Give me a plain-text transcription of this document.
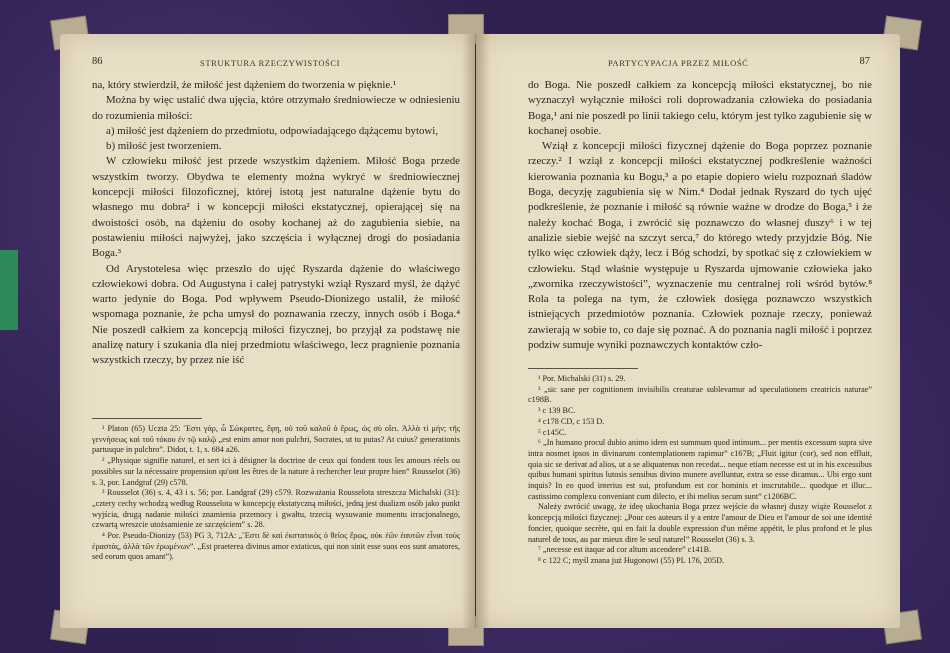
86	STRUKTURA RZECZYWISTOŚCI

na, który stwierdził, że miłość jest dążeniem do tworzenia w pięknie.¹

Można by więc ustalić dwa ujęcia, które otrzymało średniowiecze w odniesieniu do rozumienia miłości:

a) miłość jest dążeniem do przedmiotu, odpowiadającego dążącemu bytowi,

b) miłość jest tworzeniem.

W człowieku miłość jest przede wszystkim dążeniem. Miłość Boga przede wszystkim tworzy. Obydwa te elementy można wykryć w średniowiecznej koncepcji miłości filozoficznej, której istotą jest naturalne dążenie bytu do własnego mu dobra² i w koncepcji miłości ekstatycznej, opierającej się na dwoistości osób, na dążeniu do osoby kochanej aż do zagubienia siebie, na postawieniu miłości najwyżej, jako szczęścia i wyłącznej drogi do posiadania Boga.³

Od Arystotelesa więc przeszło do ujęć Ryszarda dążenie do właściwego człowiekowi dobra. Od Augustyna i całej patrystyki wziął Ryszard myśl, że dążyć warto jedynie do Boga. Pod wpływem Pseudo-Dionizego ustalił, że miłość wspomaga poznanie, że pcha umysł do poznawania rzeczy, innych osób i Boga.⁴ Nie poszedł całkiem za koncepcją miłości fizycznej, bo przyjął za podstawę nie analizę natury i szukania dla niej przedmiotu właściwego, lecz pragnienie poznania wszystkich rzeczy, by przez nie iść

¹ Platon (65) Uczta 25: Ἔστι γάρ, ὦ Σώκρατες, ἔφη, οὐ τοῦ καλοῦ ὁ ἔρως, ὡς σὺ οἴει. Ἀλλὰ τί μήν; τῆς γεννήσεως καὶ τοῦ τόκου ἐν τῷ καλῷ „est enim amor non pulchri, Socrates, ut tu putas? At cuius? generationis partusque in pulchro”. Didot, t. 1, s. 684 a26.

² „Physique signifie naturel, et sert ici à désigner la doctrine de ceux qui fondent tous les amours réels ou possibles sur la nécessaire propension qu'ont les êtres de la nature à rechercher leur propre bien” Rousselot (36) s. 3, por. Landgraf (29) c578.

³ Rousselot (36) s. 4, 43 i s. 56; por. Landgraf (29) c579. Rozważania Rousselota streszcza Michalski (31): „cztery cechy wchodzą według Rousselota w koncepcję ekstatyczną miłości, jedną jest dualizm osób jako punkt wyjścia, drugą nadanie miłości znamienia przemocy i gwałtu, trzecią wysuwanie momentu irracjonalnego, czwartą wreszcie utożsamienie ze szczęściem” s. 28.

⁴ Por. Pseudo-Dionizy (53) PG 3, 712A: „Ἔστι δὲ καὶ ἐκστατικὸς ὁ θεῖος ἔρως, οὐκ ἐῶν ἑαυτῶν εἶναι τοὺς ἐραστάς, ἀλλὰ τῶν ἐρωμένων”. „Est praeterea divinus amor extaticus, qui non sinit esse suos eos sunt amatores, sed eorum quos amant”).

PARTYCYPACJA PRZEZ MIŁOŚĆ	87

do Boga. Nie poszedł całkiem za koncepcją miłości ekstatycznej, bo nie wyznaczył wyłącznie miłości roli doprowadzania człowieka do posiadania Boga,¹ ani nie poszedł po linii takiego celu, którym jest tylko zagubienie się w kochanej osobie.

Wziął z koncepcji miłości fizycznej dążenie do Boga poprzez poznanie rzeczy.² I wziął z koncepcji miłości ekstatycznej podkreślenie ważności kierowania poznania ku Bogu,³ a po etapie dopiero wielu rozpoznań śladów Boga, decyzję zagubienia się w Nim.⁴ Dodał jednak Ryszard do tych ujęć podkreślenie, że poznanie i miłość są równie ważne w drodze do Boga,⁵ i że należy kochać Boga, i zwrócić się poznawczo do własnej duszy⁶ i w tej analizie siebie wejść na szczyt serca,⁷ do którego wtedy przyjdzie Bóg. Nie tylko więc człowiek dąży, lecz i Bóg schodzi, by spotkać się z człowiekiem w człowieku. Stąd właśnie występuje u Ryszarda ujmowanie człowieka jako „zwornika rzeczywistości”, wyznaczenie mu centralnej roli wśród bytów.⁸ Rola ta polega na tym, że człowiek dosięga poznawczo wszystkich istniejących przedmiotów poznania. Człowiek poznaje rzeczy, ponieważ zawierają w sobie to, co daje się poznać. A do poznania nagli miłość i poprzez podziw sumuje wyniki poznawczych kontaktów czło-

¹ Por. Michalski (31) s. 29.

² „sic sane per cognitionem invisibilis creaturae sublevamur ad speculationem creatricis naturae” c198B.

³ c 139 BC.

⁴ c178 CD, c 153 D.

⁵ c145C.

⁶ „In humano procul dubio animo idem est summum quod intimum... per mentis excessum supra sive intra nosmet ipsos in divinarum contemplationem rapimur” c167B; „Fluit igitur (cor), sed non effluit, quia sic se derivat ad alios, ut a se aliquatenus non recedat... neque etiam necesse est ut in his excessibus quibus humani spiritus lutosis sensibus divino munere avelluntur, extra se esse dicamus... Ubi ergo sunt inquis? In eo quod interius est sui, profundum est cor hominis et inscrutabile... quodque et illuc... castissimo complexu conveniant cum dilecto, et ibi melius secum sunt” c1206BC.

Należy zwrócić uwagę, że ideę ukochania Boga przez wejście do własnej duszy wiąże Rousselot z koncepcją miłości fizycznej: „Pour ces auteurs il y a entre l'amour de Dieu et l'amour de soi une identité foncier, quoique secrète, qui en fait la double expression d'un même appétit, le plus profond et le plus naturel de tous, au par mieux dire le seul naturel” Rousselot (36) s. 3.

⁷ „necesse est itaque ad cor altum ascendere” c141B.

⁸ c 122 C; myśl znana już Hugonowi (55) PL 176, 205D.
